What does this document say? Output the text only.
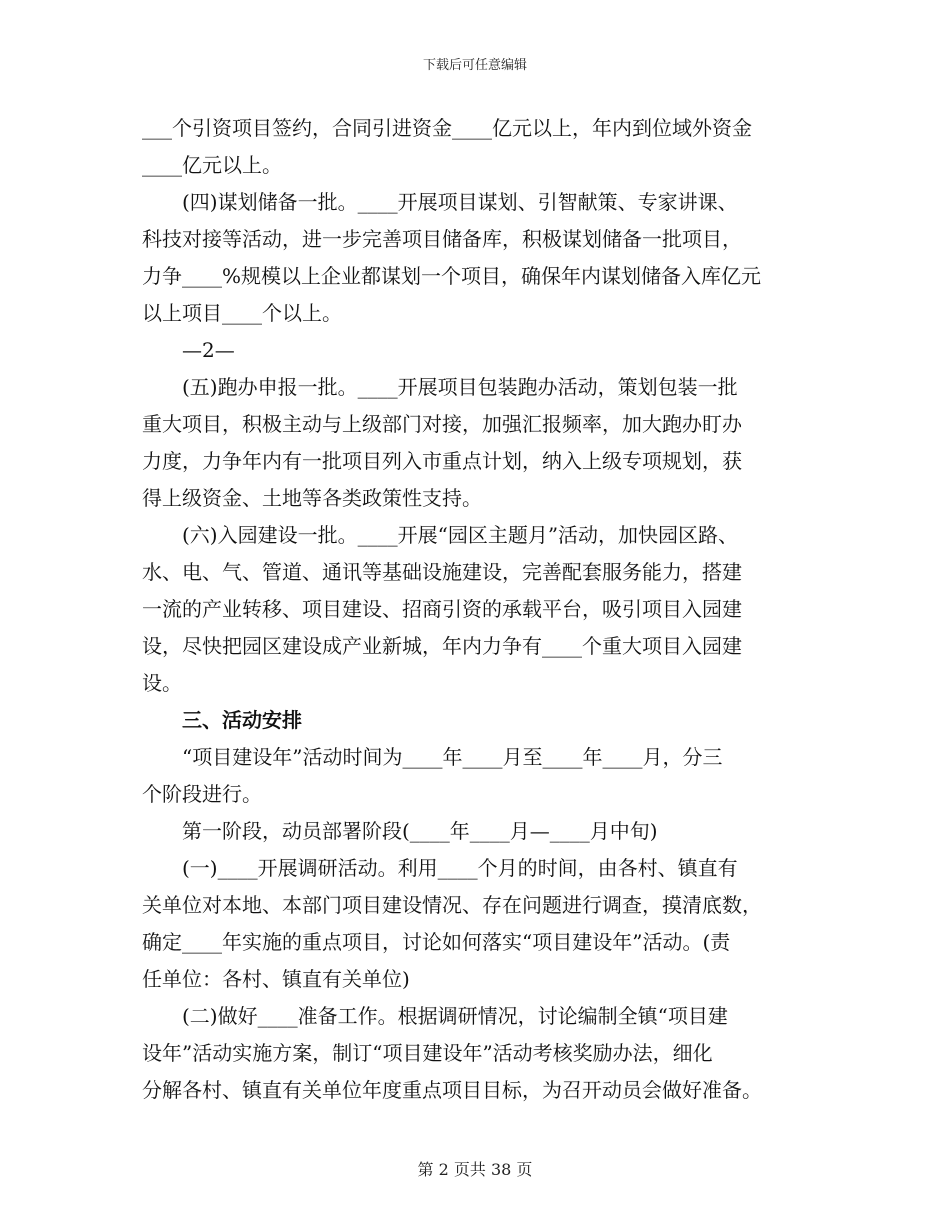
下载后可任意编辑
___个引资项目签约，合同引进资金____亿元以上，年内到位域外资金
____亿元以上。
　　(四)谋划储备一批。____开展项目谋划、引智献策、专家讲课、
科技对接等活动，进一步完善项目储备库，积极谋划储备一批项目，
力争____%规模以上企业都谋划一个项目，确保年内谋划储备入库亿元
以上项目____个以上。
　　—2—
　　(五)跑办申报一批。____开展项目包装跑办活动，策划包装一批
重大项目，积极主动与上级部门对接，加强汇报频率，加大跑办盯办
力度，力争年内有一批项目列入市重点计划，纳入上级专项规划，获
得上级资金、土地等各类政策性支持。
　　(六)入园建设一批。____开展“园区主题月”活动，加快园区路、
水、电、气、管道、通讯等基础设施建设，完善配套服务能力，搭建
一流的产业转移、项目建设、招商引资的承载平台，吸引项目入园建
设，尽快把园区建设成产业新城，年内力争有____个重大项目入园建
设。
　　三、活动安排
　　“项目建设年”活动时间为____年____月至____年____月，分三
个阶段进行。
　　第一阶段，动员部署阶段(____年____月—____月中旬)
　　(一)____开展调研活动。利用____个月的时间，由各村、镇直有
关单位对本地、本部门项目建设情况、存在问题进行调查，摸清底数，
确定____年实施的重点项目，讨论如何落实“项目建设年”活动。(责
任单位：各村、镇直有关单位)
　　(二)做好____准备工作。根据调研情况，讨论编制全镇“项目建
设年”活动实施方案，制订“项目建设年”活动考核奖励办法，细化
分解各村、镇直有关单位年度重点项目目标，为召开动员会做好准备。
第 2 页共 38 页
